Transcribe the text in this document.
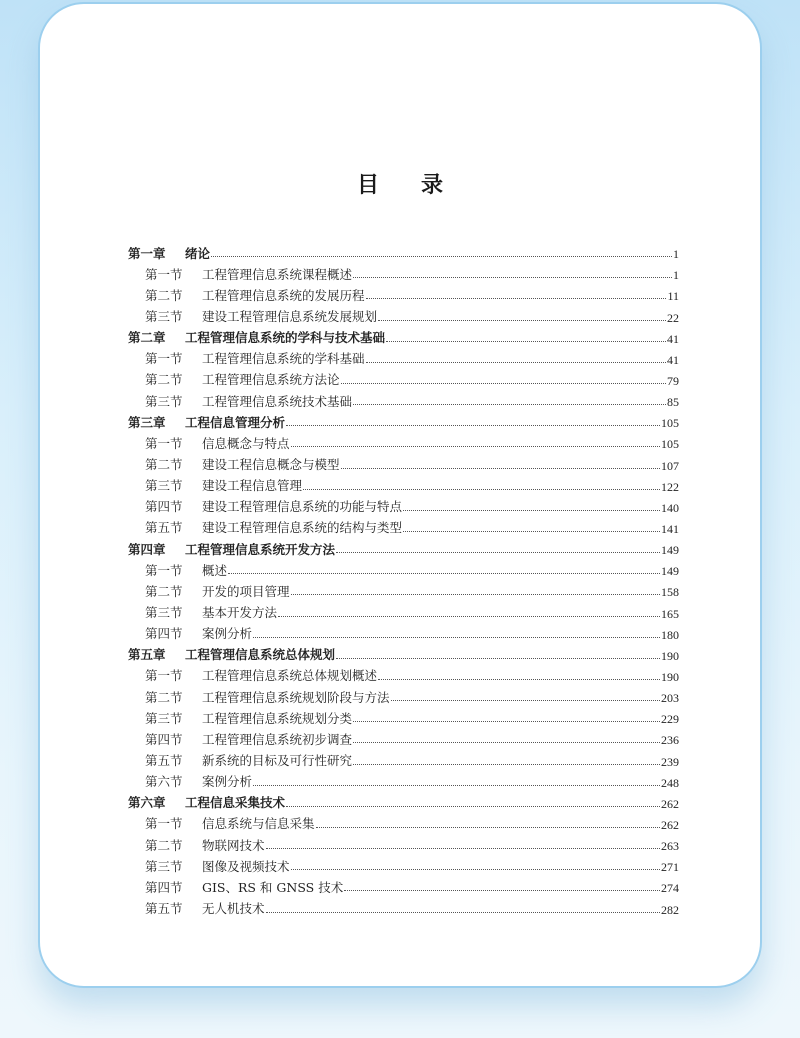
目 录
第一章	绪论	1
第一节	工程管理信息系统课程概述	1
第二节	工程管理信息系统的发展历程	11
第三节	建设工程管理信息系统发展规划	22
第二章	工程管理信息系统的学科与技术基础	41
第一节	工程管理信息系统的学科基础	41
第二节	工程管理信息系统方法论	79
第三节	工程管理信息系统技术基础	85
第三章	工程信息管理分析	105
第一节	信息概念与特点	105
第二节	建设工程信息概念与模型	107
第三节	建设工程信息管理	122
第四节	建设工程管理信息系统的功能与特点	140
第五节	建设工程管理信息系统的结构与类型	141
第四章	工程管理信息系统开发方法	149
第一节	概述	149
第二节	开发的项目管理	158
第三节	基本开发方法	165
第四节	案例分析	180
第五章	工程管理信息系统总体规划	190
第一节	工程管理信息系统总体规划概述	190
第二节	工程管理信息系统规划阶段与方法	203
第三节	工程管理信息系统规划分类	229
第四节	工程管理信息系统初步调查	236
第五节	新系统的目标及可行性研究	239
第六节	案例分析	248
第六章	工程信息采集技术	262
第一节	信息系统与信息采集	262
第二节	物联网技术	263
第三节	图像及视频技术	271
第四节	GIS、RS 和 GNSS 技术	274
第五节	无人机技术	282
